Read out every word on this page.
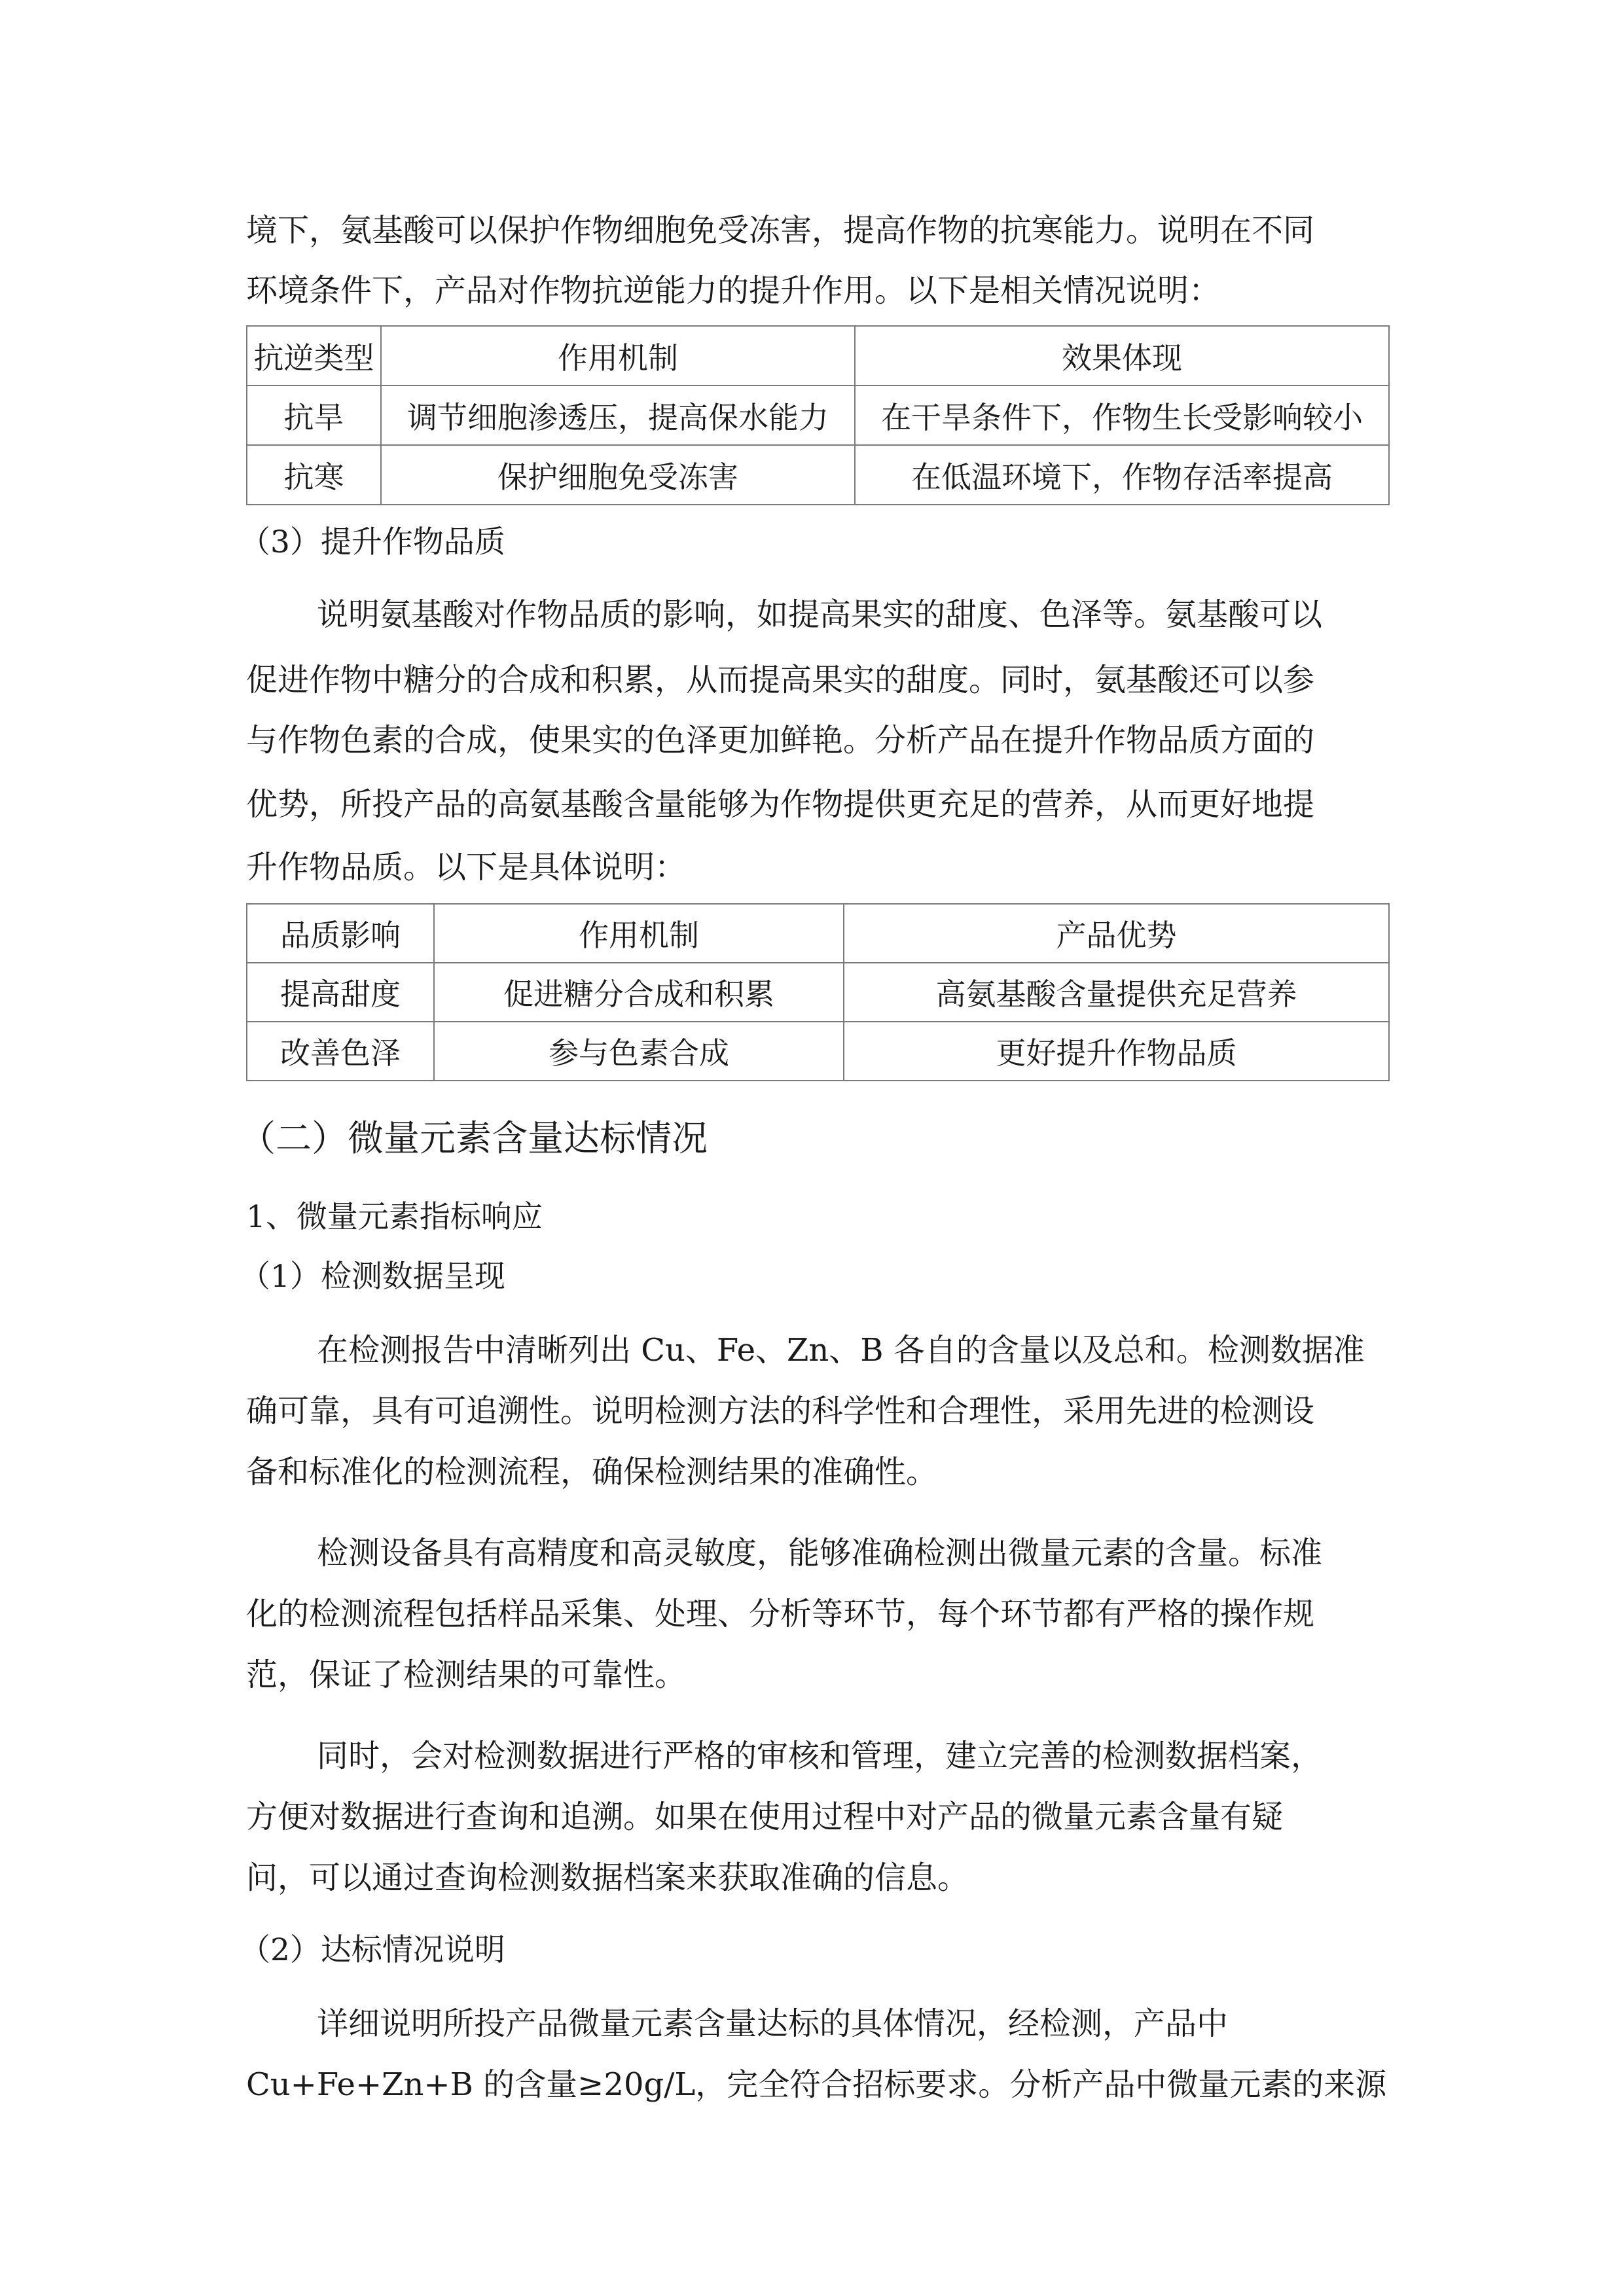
境下，氨基酸可以保护作物细胞免受冻害，提高作物的抗寒能力。说明在不同
环境条件下，产品对作物抗逆能力的提升作用。以下是相关情况说明：
抗逆类型	作用机制	效果体现
抗旱	调节细胞渗透压，提高保水能力	在干旱条件下，作物生长受影响较小
抗寒	保护细胞免受冻害	在低温环境下，作物存活率提高
（3）提升作物品质
说明氨基酸对作物品质的影响，如提高果实的甜度、色泽等。氨基酸可以
促进作物中糖分的合成和积累，从而提高果实的甜度。同时，氨基酸还可以参
与作物色素的合成，使果实的色泽更加鲜艳。分析产品在提升作物品质方面的
优势，所投产品的高氨基酸含量能够为作物提供更充足的营养，从而更好地提
升作物品质。以下是具体说明：
品质影响	作用机制	产品优势
提高甜度	促进糖分合成和积累	高氨基酸含量提供充足营养
改善色泽	参与色素合成	更好提升作物品质
（二）微量元素含量达标情况
1、微量元素指标响应
（1）检测数据呈现
在检测报告中清晰列出 Cu、Fe、Zn、B 各自的含量以及总和。检测数据准
确可靠，具有可追溯性。说明检测方法的科学性和合理性，采用先进的检测设
备和标准化的检测流程，确保检测结果的准确性。
检测设备具有高精度和高灵敏度，能够准确检测出微量元素的含量。标准
化的检测流程包括样品采集、处理、分析等环节，每个环节都有严格的操作规
范，保证了检测结果的可靠性。
同时，会对检测数据进行严格的审核和管理，建立完善的检测数据档案，
方便对数据进行查询和追溯。如果在使用过程中对产品的微量元素含量有疑
问，可以通过查询检测数据档案来获取准确的信息。
（2）达标情况说明
详细说明所投产品微量元素含量达标的具体情况，经检测，产品中
Cu+Fe+Zn+B 的含量≥20g/L，完全符合招标要求。分析产品中微量元素的来源
